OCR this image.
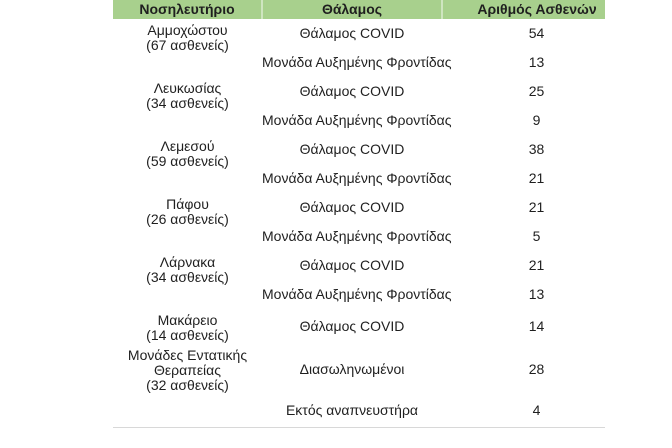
Νοσηλευτήριο	Θάλαμος	Αριθμός Ασθενών

Αμμοχώστου
(67 ασθενείς)	Θάλαμος COVID	54
	Μονάδα Αυξημένης Φροντίδας	13

Λευκωσίας
(34 ασθενείς)	Θάλαμος COVID	25
	Μονάδα Αυξημένης Φροντίδας	9

Λεμεσού
(59 ασθενείς)	Θάλαμος COVID	38
	Μονάδα Αυξημένης Φροντίδας	21

Πάφου
(26 ασθενείς)	Θάλαμος COVID	21
	Μονάδα Αυξημένης Φροντίδας	5

Λάρνακα
(34 ασθενείς)	Θάλαμος COVID	21
	Μονάδα Αυξημένης Φροντίδας	13

Μακάρειο
(14 ασθενείς)	Θάλαμος COVID	14

Μονάδες Εντατικής Θεραπείας
(32 ασθενείς)	Διασωληνωμένοι	28
	Εκτός αναπνευστήρα	4
